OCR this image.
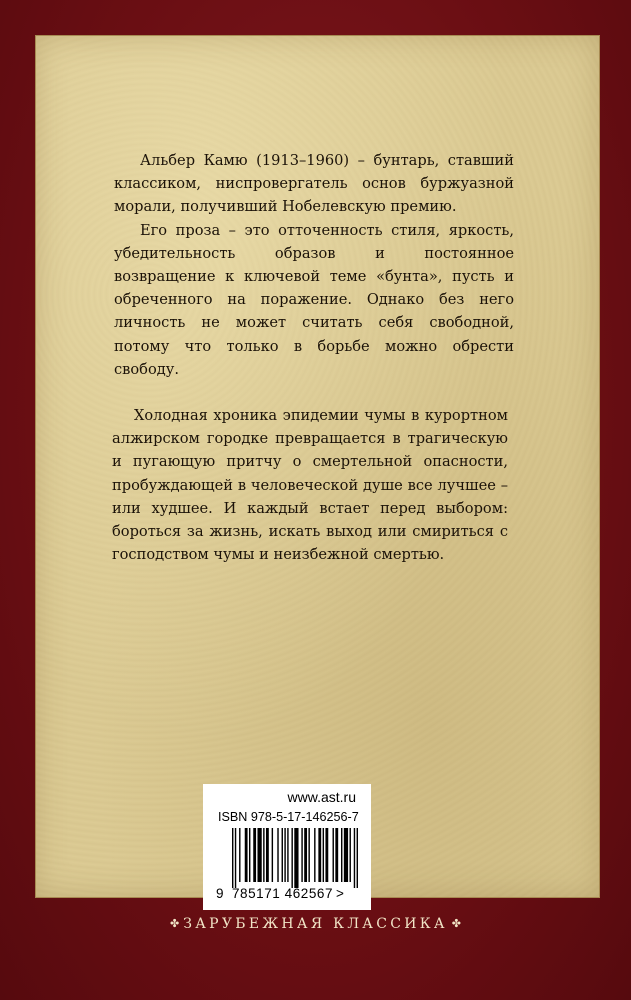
Альбер Камю (1913–1960) – бунтарь, ставший классиком, ниспровергатель основ буржуазной морали, получивший Нобелевскую премию.

Его проза – это отточенность стиля, яркость, убедительность образов и постоянное возвращение к ключевой теме «бунта», пусть и обреченного на поражение. Однако без него личность не может считать себя свободной, потому что только в борьбе можно обрести свободу.

Холодная хроника эпидемии чумы в курортном алжирском городке превращается в трагическую и пугающую притчу о смертельной опасности, пробуждающей в человеческой душе все лучшее – или худшее. И каждый встает перед выбором: бороться за жизнь, искать выход или смириться с господством чумы и неизбежной смертью.

www.ast.ru
ISBN 978-5-17-146256-7
9 785171 462567 >
✤ ЗАРУБЕЖНАЯ КЛАССИКА ✤
